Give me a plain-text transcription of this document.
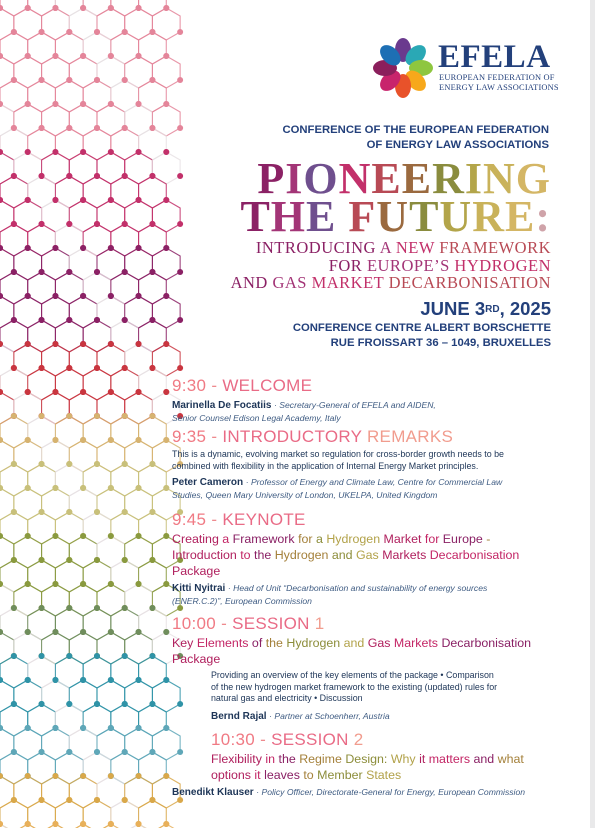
EFELA
EUROPEAN FEDERATION OF
ENERGY LAW ASSOCIATIONS
CONFERENCE OF THE EUROPEAN FEDERATION
OF ENERGY LAW ASSOCIATIONS
PIONEERING
THE FUTURE:
INTRODUCING A NEW FRAMEWORK
FOR EUROPE’S HYDROGEN
AND GAS MARKET DECARBONISATION
JUNE 3RD, 2025
CONFERENCE CENTRE ALBERT BORSCHETTE
RUE FROISSART 36 – 1049, BRUXELLES
9:30 - WELCOME
Marinella De Focatiis · Secretary-General of EFELA and AIDEN,
Senior Counsel Edison Legal Academy, Italy
9:35 - INTRODUCTORY REMARKS
This is a dynamic, evolving market so regulation for cross-border growth needs to be
combined with flexibility in the application of Internal Energy Market principles.
Peter Cameron · Professor of Energy and Climate Law, Centre for Commercial Law
Studies, Queen Mary University of London, UKELPA, United Kingdom
9:45 - KEYNOTE
Creating a Framework for a Hydrogen Market for Europe -
Introduction to the Hydrogen and Gas Markets Decarbonisation
Package
Kitti Nyitrai · Head of Unit “Decarbonisation and sustainability of energy sources
(ENER.C.2)”, European Commission
10:00 - SESSION 1
Key Elements of the Hydrogen and Gas Markets Decarbonisation
Package
Providing an overview of the key elements of the package • Comparison
of the new hydrogen market framework to the existing (updated) rules for
natural gas and electricity • Discussion
Bernd Rajal · Partner at Schoenherr, Austria
10:30 - SESSION 2
Flexibility in the Regime Design: Why it matters and what
options it leaves to Member States
Benedikt Klauser · Policy Officer, Directorate-General for Energy, European Commission
